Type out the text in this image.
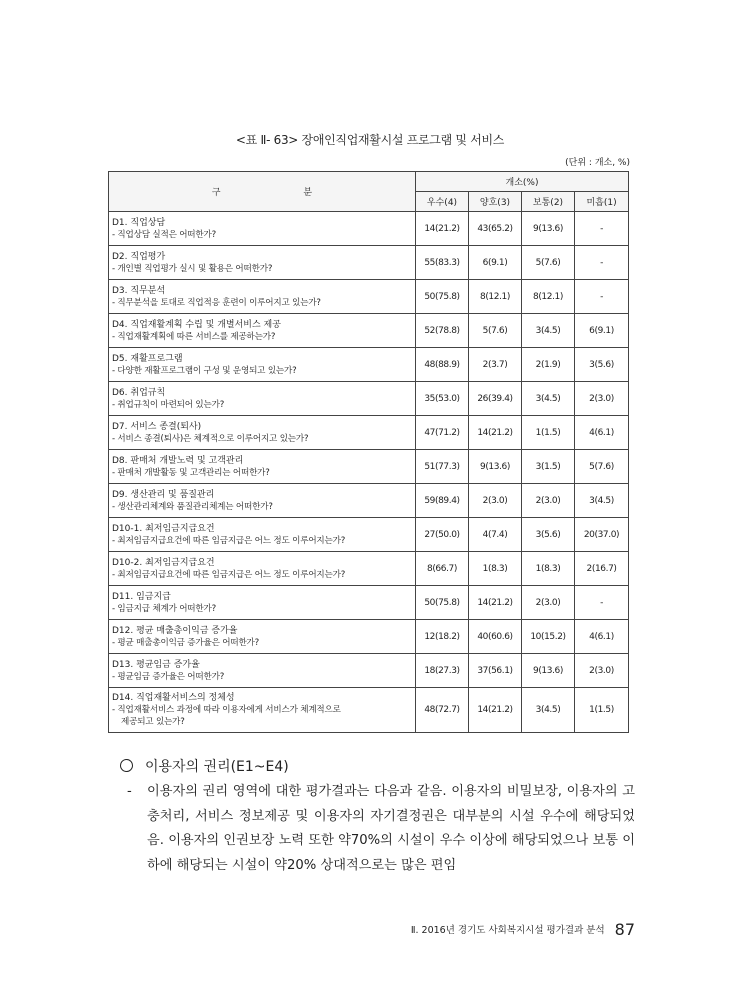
<표 Ⅱ- 63> 장애인직업재활시설 프로그램 및 서비스
(단위 : 개소, %)
구 분	개소(%)			
	우수(4)	양호(3)	보통(2)	미흡(1)

D1. 직업상담
- 직업상담 실적은 어떠한가?	14(21.2)	43(65.2)	9(13.6)	-

D2. 직업평가
- 개인별 직업평가 실시 및 활용은 어떠한가?	55(83.3)	6(9.1)	5(7.6)	-

D3. 직무분석
- 직무분석을 토대로 직업적응 훈련이 이루어지고 있는가?	50(75.8)	8(12.1)	8(12.1)	-

D4. 직업재활계획 수립 및 개별서비스 제공
- 직업재활계획에 따른 서비스를 제공하는가?	52(78.8)	5(7.6)	3(4.5)	6(9.1)

D5. 재활프로그램
- 다양한 재활프로그램이 구성 및 운영되고 있는가?	48(88.9)	2(3.7)	2(1.9)	3(5.6)

D6. 취업규칙
- 취업규칙이 마련되어 있는가?	35(53.0)	26(39.4)	3(4.5)	2(3.0)

D7. 서비스 종결(퇴사)
- 서비스 종결(퇴사)은 체계적으로 이루어지고 있는가?	47(71.2)	14(21.2)	1(1.5)	4(6.1)

D8. 판매처 개발노력 및 고객관리
- 판매처 개발활동 및 고객관리는 어떠한가?	51(77.3)	9(13.6)	3(1.5)	5(7.6)

D9. 생산관리 및 품질관리
- 생산관리체계와 품질관리체계는 어떠한가?	59(89.4)	2(3.0)	2(3.0)	3(4.5)

D10-1. 최저임금지급요건
- 최저임금지급요건에 따른 임금지급은 어느 정도 이루어지는가?	27(50.0)	4(7.4)	3(5.6)	20(37.0)

D10-2. 최저임금지급요건
- 최저임금지급요건에 따른 임금지급은 어느 정도 이루어지는가?	8(66.7)	1(8.3)	1(8.3)	2(16.7)

D11. 임금지급
- 임금지급 체계가 어떠한가?	50(75.8)	14(21.2)	2(3.0)	-

D12. 평균 매출총이익금 증가율
- 평균 매출총이익금 증가율은 어떠한가?	12(18.2)	40(60.6)	10(15.2)	4(6.1)

D13. 평균임금 증가율
- 평균임금 증가율은 어떠한가?	18(27.3)	37(56.1)	9(13.6)	2(3.0)

D14. 직업재활서비스의 정체성
- 직업재활서비스 과정에 따라 이용자에게 서비스가 체계적으로
제공되고 있는가?	48(72.7)	14(21.2)	3(4.5)	1(1.5)
이용자의 권리(E1~E4)
-	이용자의 권리 영역에 대한 평가결과는 다음과 같음. 이용자의 비밀보장, 이용자의 고충처리, 서비스 정보제공 및 이용자의 자기결정권은 대부분의 시설 우수에 해당되었음. 이용자의 인권보장 노력 또한 약70%의 시설이 우수 이상에 해당되었으나 보통 이하에 해당되는 시설이 약20% 상대적으로는 많은 편임
Ⅱ. 2016년 경기도 사회복지시설 평가결과 분석 87
